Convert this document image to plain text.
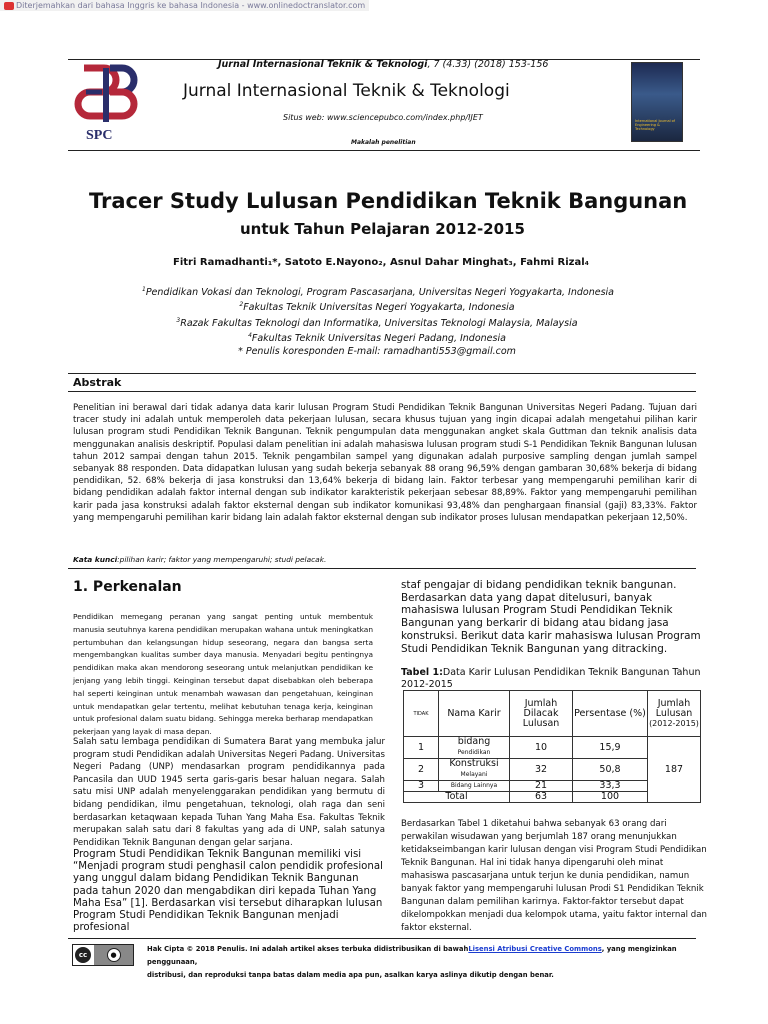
Diterjemahkan dari bahasa Inggris ke bahasa Indonesia - www.onlinedoctranslator.com
SPC
Jurnal Internasional Teknik & Teknologi, 7 (4.33) (2018) 153-156
Jurnal Internasional Teknik & Teknologi
Situs web: www.sciencepubco.com/index.php/IJET
Makalah penelitian
International Journal of Engineering & Technology
Tracer Study Lulusan Pendidikan Teknik Bangunan
untuk Tahun Pelajaran 2012-2015
Fitri Ramadhanti₁*, Satoto E.Nayono₂, Asnul Dahar Minghat₃, Fahmi Rizal₄
$^1$Pendidikan Vokasi dan Teknologi, Program Pascasarjana, Universitas Negeri Yogyakarta, Indonesia
$^2$Fakultas Teknik Universitas Negeri Yogyakarta, Indonesia
$^3$Razak Fakultas Teknologi dan Informatika, Universitas Teknologi Malaysia, Malaysia
$^4$Fakultas Teknik Universitas Negeri Padang, Indonesia
* Penulis koresponden E-mail: ramadhanti553@gmail.com
Abstrak
Penelitian ini berawal dari tidak adanya data karir lulusan Program Studi Pendidikan Teknik Bangunan Universitas Negeri Padang. Tujuan dari tracer study ini adalah untuk memperoleh data pekerjaan lulusan, secara khusus tujuan yang ingin dicapai adalah mengetahui pilihan karir lulusan program studi Pendidikan Teknik Bangunan. Teknik pengumpulan data menggunakan angket skala Guttman dan teknik analisis data menggunakan analisis deskriptif. Populasi dalam penelitian ini adalah mahasiswa lulusan program studi S-1 Pendidikan Teknik Bangunan lulusan tahun 2012 sampai dengan tahun 2015. Teknik pengambilan sampel yang digunakan adalah purposive sampling dengan jumlah sampel sebanyak 88 responden. Data didapatkan lulusan yang sudah bekerja sebanyak 88 orang 96,59% dengan gambaran 30,68% bekerja di bidang pendidikan, 52. 68% bekerja di jasa konstruksi dan 13,64% bekerja di bidang lain. Faktor terbesar yang mempengaruhi pemilihan karir di bidang pendidikan adalah faktor internal dengan sub indikator karakteristik pekerjaan sebesar 88,89%. Faktor yang mempengaruhi pemilihan karir pada jasa konstruksi adalah faktor eksternal dengan sub indikator komunikasi 93,48% dan penghargaan finansial (gaji) 83,33%. Faktor yang mempengaruhi pemilihan karir bidang lain adalah faktor eksternal dengan sub indikator proses lulusan mendapatkan pekerjaan 12,50%.
Kata kunci:pilihan karir; faktor yang mempengaruhi; studi pelacak.
1. Perkenalan
Pendidikan memegang peranan yang sangat penting untuk membentuk manusia seutuhnya karena pendidikan merupakan wahana untuk meningkatkan pertumbuhan dan kelangsungan hidup seseorang, negara dan bangsa serta mengembangkan kualitas sumber daya manusia. Menyadari begitu pentingnya pendidikan maka akan mendorong seseorang untuk melanjutkan pendidikan ke jenjang yang lebih tinggi. Keinginan tersebut dapat disebabkan oleh beberapa hal seperti keinginan untuk menambah wawasan dan pengetahuan, keinginan untuk mendapatkan gelar tertentu, melihat kebutuhan tenaga kerja, keinginan untuk profesional dalam suatu bidang. Sehingga mereka berharap mendapatkan pekerjaan yang layak di masa depan.
Salah satu lembaga pendidikan di Sumatera Barat yang membuka jalur program studi Pendidikan adalah Universitas Negeri Padang. Universitas Negeri Padang (UNP) mendasarkan program pendidikannya pada Pancasila dan UUD 1945 serta garis-garis besar haluan negara. Salah satu misi UNP adalah menyelenggarakan pendidikan yang bermutu di bidang pendidikan, ilmu pengetahuan, teknologi, olah raga dan seni berdasarkan ketaqwaan kepada Tuhan Yang Maha Esa. Fakultas Teknik merupakan salah satu dari 8 fakultas yang ada di UNP, salah satunya Pendidikan Teknik Bangunan dengan gelar sarjana.
Program Studi Pendidikan Teknik Bangunan memiliki visi “Menjadi program studi penghasil calon pendidik profesional yang unggul dalam bidang Pendidikan Teknik Bangunan pada tahun 2020 dan mengabdikan diri kepada Tuhan Yang Maha Esa” [1]. Berdasarkan visi tersebut diharapkan lulusan Program Studi Pendidikan Teknik Bangunan menjadi profesional
staf pengajar di bidang pendidikan teknik bangunan. Berdasarkan data yang dapat ditelusuri, banyak mahasiswa lulusan Program Studi Pendidikan Teknik Bangunan yang berkarir di bidang atau bidang jasa konstruksi. Berikut data karir mahasiswa lulusan Program Studi Pendidikan Teknik Bangunan yang ditracking.
Tabel 1:Data Karir Lulusan Pendidikan Teknik Bangunan Tahun 2012-2015
TIDAK	Nama Karir	Jumlah Dilacak Lulusan	Persentase (%)	Jumlah Lulusan
(2012-2015)
1	bidang
Pendidikan	10	15,9	187
2	Konstruksi
Melayani	32	50,8	
3	Bidang Lainnya	21	33,3	
Total		63	100	
Berdasarkan Tabel 1 diketahui bahwa sebanyak 63 orang dari perwakilan wisudawan yang berjumlah 187 orang menunjukkan ketidakseimbangan karir lulusan dengan visi Program Studi Pendidikan Teknik Bangunan. Hal ini tidak hanya dipengaruhi oleh minat mahasiswa pascasarjana untuk terjun ke dunia pendidikan, namun banyak faktor yang mempengaruhi lulusan Prodi S1 Pendidikan Teknik Bangunan dalam pemilihan karirnya. Faktor-faktor tersebut dapat dikelompokkan menjadi dua kelompok utama, yaitu faktor internal dan faktor eksternal.
cc	●
Hak Cipta © 2018 Penulis. Ini adalah artikel akses terbuka didistribusikan di bawahLisensi Atribusi Creative Commons, yang mengizinkan penggunaan,
distribusi, dan reproduksi tanpa batas dalam media apa pun, asalkan karya aslinya dikutip dengan benar.
